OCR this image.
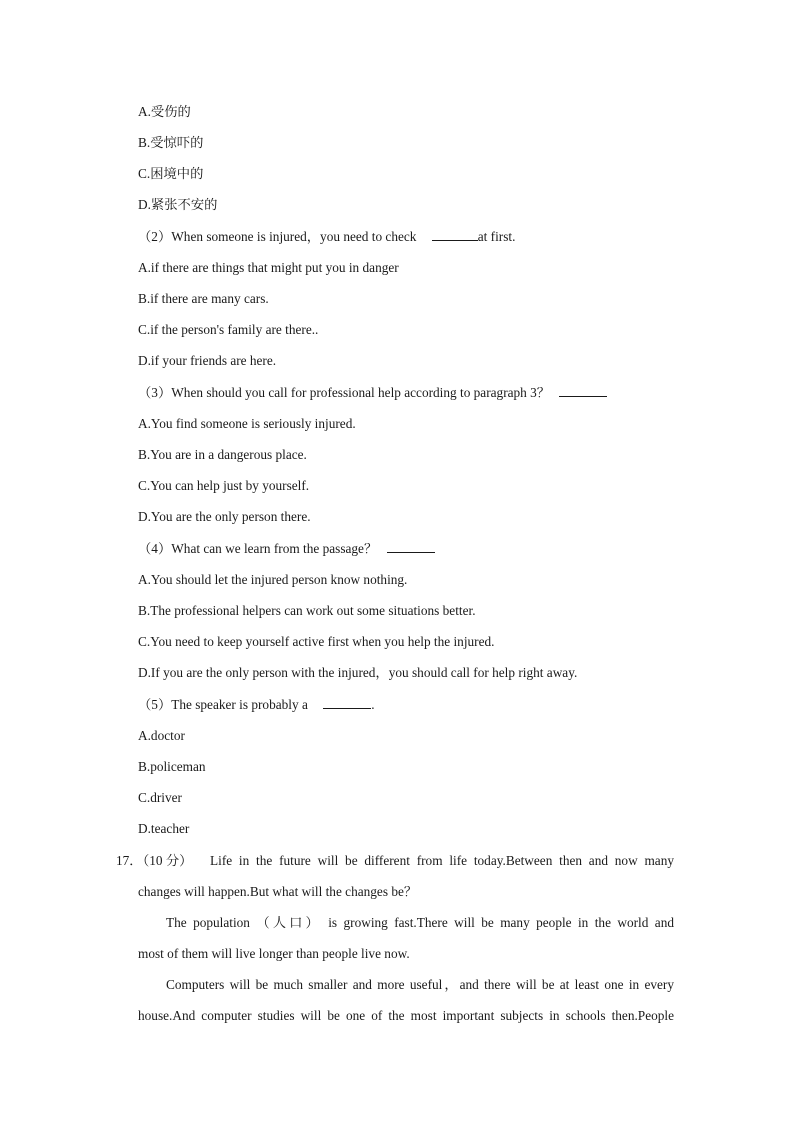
A.受伤的
B.受惊吓的
C.困境中的
D.紧张不安的
（2）When someone is injured，you need to check	at first.
A.if there are things that might put you in danger
B.if there are many cars.
C.if the person's family are there..
D.if your friends are here.
（3）When should you call for professional help according to paragraph 3？
A.You find someone is seriously injured.
B.You are in a dangerous place.
C.You can help just by yourself.
D.You are the only person there.
（4）What can we learn from the passage？
A.You should let the injured person know nothing.
B.The professional helpers can work out some situations better.
C.You need to keep yourself active first when you help the injured.
D.If you are the only person with the injured，you should call for help right away.
（5）The speaker is probably a	.
A.doctor
B.policeman
C.driver
D.teacher
17．（10 分） Life in the future will be different from life today.Between then and now many
changes will happen.But what will the changes be？
The population （人口） is growing fast.There will be many people in the world and
most of them will live longer than people live now.
Computers will be much smaller and more useful，and there will be at least one in every
house.And computer studies will be one of the most important subjects in schools then.People
